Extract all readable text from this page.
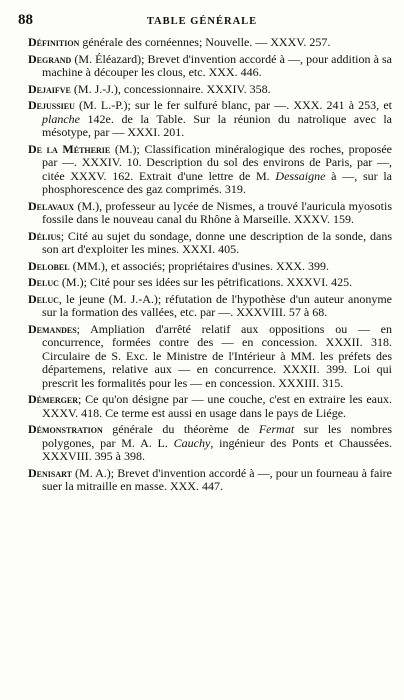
88	TABLE GÉNÉRALE

Définition générale des cornéennes; Nouvelle. — XXXV. 257.

Degrand (M. Éléazard); Brevet d'invention accordé à —, pour addition à sa machine à découper les clous, etc. XXX. 446.

Dejaifve (M. J.-J.), concessionnaire. XXXIV. 358.

Dejussieu (M. L.-P.); sur le fer sulfuré blanc, par —. XXX. 241 à 253, et planche 142e. de la Table. Sur la réunion du natrolique avec la mésotype, par — XXXI. 201.

De la Métherie (M.); Classification minéralogique des roches, proposée par —. XXXIV. 10. Description du sol des environs de Paris, par —, citée XXXV. 162. Extrait d'une lettre de M. Dessaigne à —, sur la phosphorescence des gaz comprimés. 319.

Delavaux (M.), professeur au lycée de Nismes, a trouvé l'auricula myosotis fossile dans le nouveau canal du Rhône à Marseille. XXXV. 159.

Délius; Cité au sujet du sondage, donne une description de la sonde, dans son art d'exploiter les mines. XXXI. 405.

Delobel (MM.), et associés; propriétaires d'usines. XXX. 399.

Deluc (M.); Cité pour ses idées sur les pétrifications. XXXVI. 425.

Deluc, le jeune (M. J.-A.); réfutation de l'hypothèse d'un auteur anonyme sur la formation des vallées, etc. par —. XXXVIII. 57 à 68.

Demandes; Ampliation d'arrêté relatif aux oppositions ou — en concurrence, formées contre des — en concession. XXXII. 318. Circulaire de S. Exc. le Ministre de l'Intérieur à MM. les préfets des départemens, relative aux — en concurrence. XXXII. 399. Loi qui prescrit les formalités pour les — en concession. XXXIII. 315.

Démerger; Ce qu'on désigne par — une couche, c'est en extraire les eaux. XXXV. 418. Ce terme est aussi en usage dans le pays de Liége.

Démonstration générale du théorème de Fermat sur les nombres polygones, par M. A. L. Cauchy, ingénieur des Ponts et Chaussées. XXXVIII. 395 à 398.

Denisart (M. A.); Brevet d'invention accordé à —, pour un fourneau à faire suer la mitraille en masse. XXX. 447.
